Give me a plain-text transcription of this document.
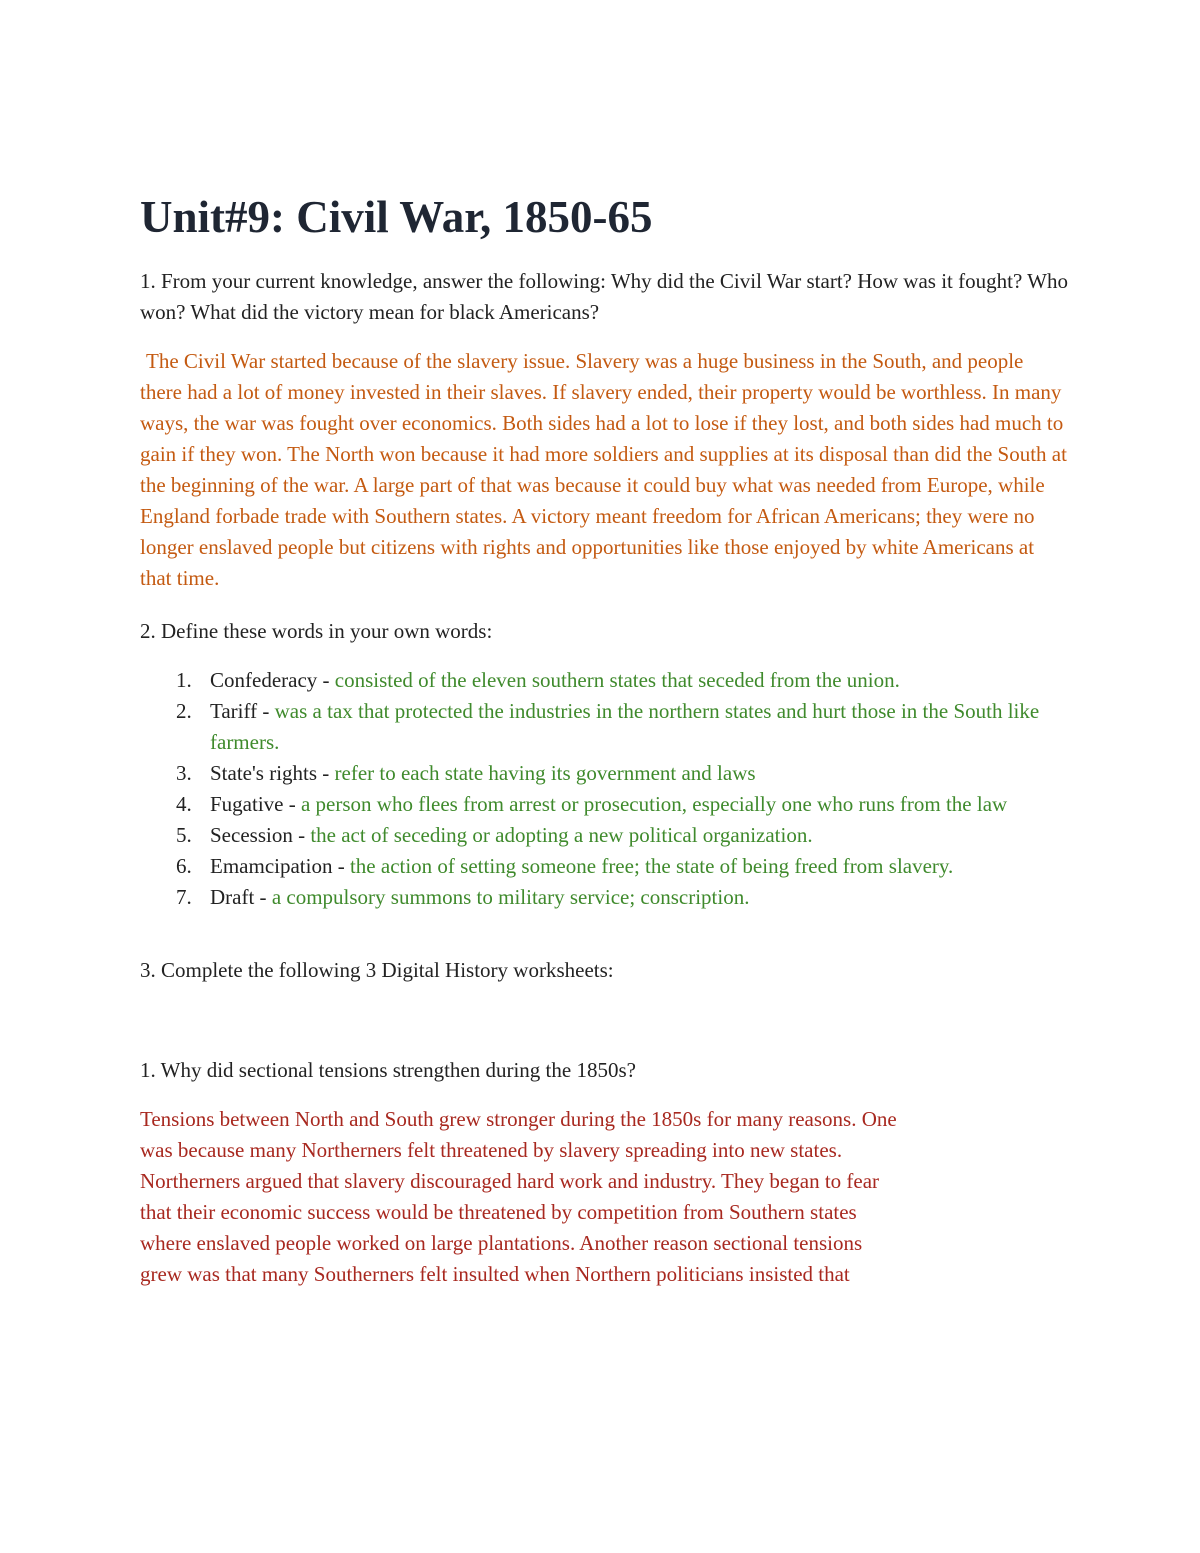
Unit#9: Civil War, 1850-65

1. From your current knowledge, answer the following: Why did the Civil War start? How was it fought? Who won? What did the victory mean for black Americans?

The Civil War started because of the slavery issue. Slavery was a huge business in the South, and people there had a lot of money invested in their slaves. If slavery ended, their property would be worthless. In many ways, the war was fought over economics. Both sides had a lot to lose if they lost, and both sides had much to gain if they won. The North won because it had more soldiers and supplies at its disposal than did the South at the beginning of the war. A large part of that was because it could buy what was needed from Europe, while England forbade trade with Southern states. A victory meant freedom for African Americans; they were no longer enslaved people but citizens with rights and opportunities like those enjoyed by white Americans at that time.

2. Define these words in your own words:

1. Confederacy - consisted of the eleven southern states that seceded from the union.
2. Tariff - was a tax that protected the industries in the northern states and hurt those in the South like farmers.
3. State's rights - refer to each state having its government and laws
4. Fugative - a person who flees from arrest or prosecution, especially one who runs from the law
5. Secession - the act of seceding or adopting a new political organization.
6. Emamcipation - the action of setting someone free; the state of being freed from slavery.
7. Draft - a compulsory summons to military service; conscription.

3. Complete the following 3 Digital History worksheets:

1. Why did sectional tensions strengthen during the 1850s?

Tensions between North and South grew stronger during the 1850s for many reasons. One
was because many Northerners felt threatened by slavery spreading into new states.
Northerners argued that slavery discouraged hard work and industry. They began to fear
that their economic success would be threatened by competition from Southern states
where enslaved people worked on large plantations. Another reason sectional tensions
grew was that many Southerners felt insulted when Northern politicians insisted that
